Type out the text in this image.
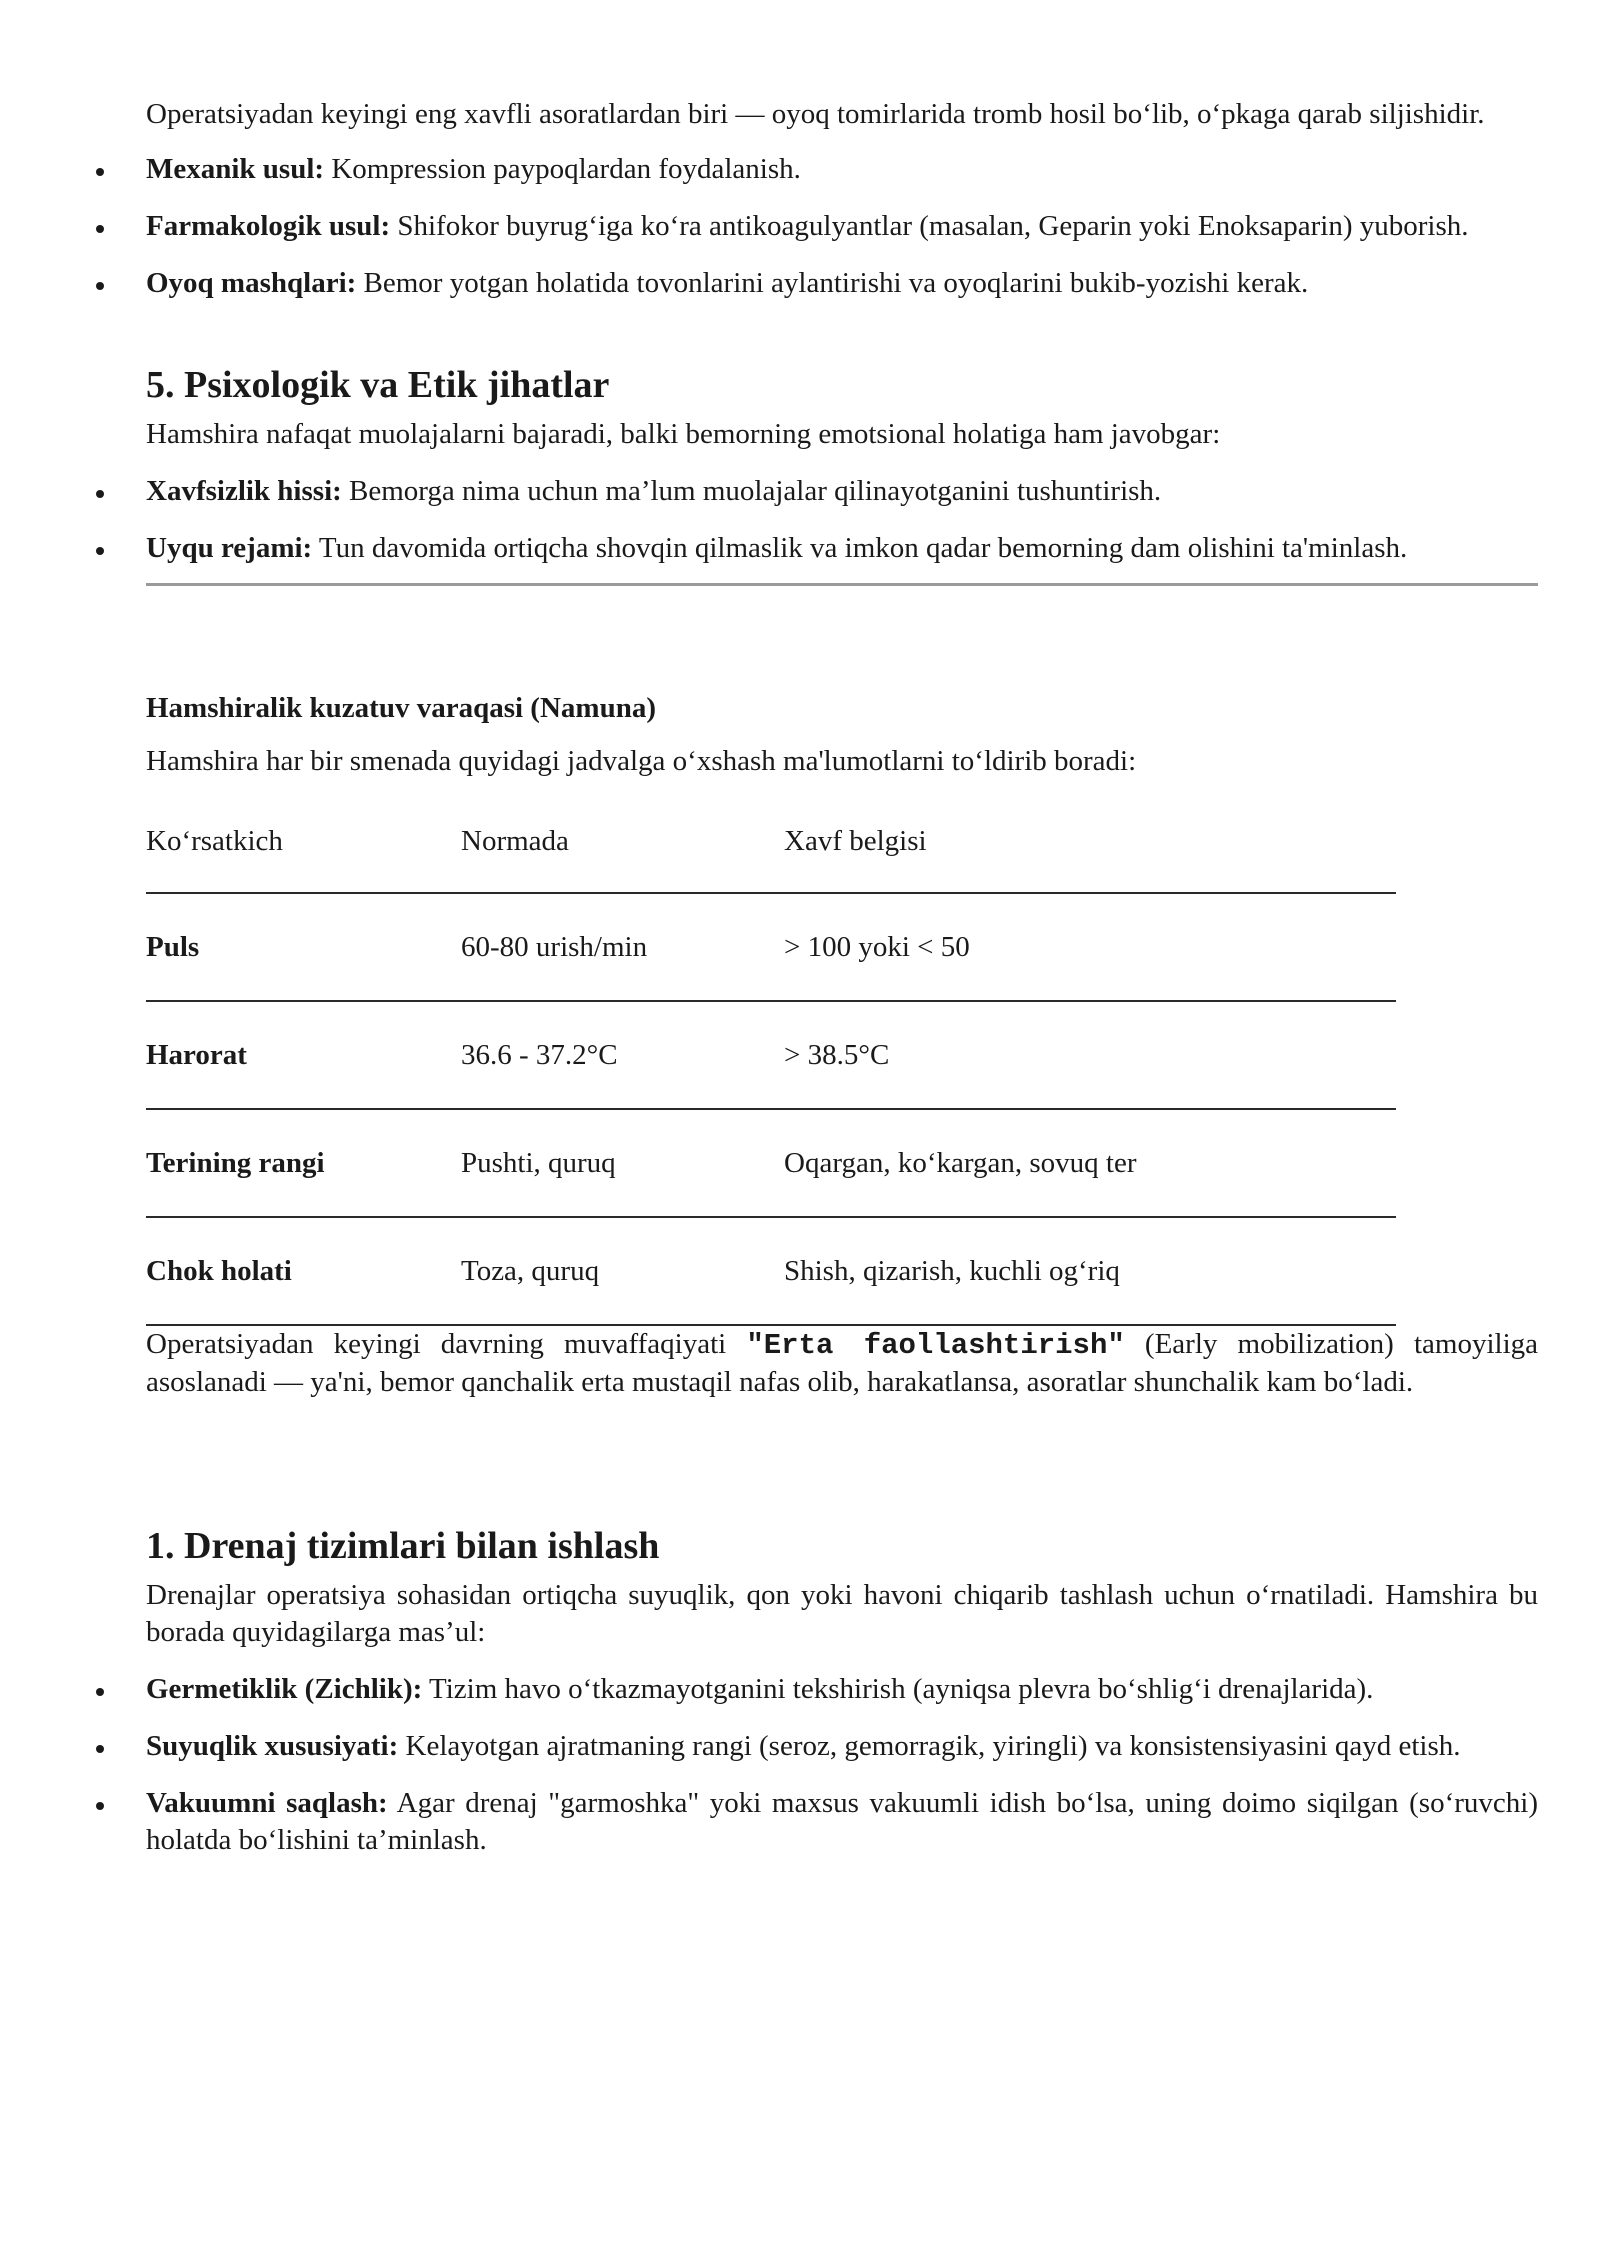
Operatsiyadan keyingi eng xavfli asoratlardan biri — oyoq tomirlarida tromb hosil bo‘lib, o‘pkaga qarab siljishidir.

Mexanik usul: Kompression paypoqlardan foydalanish.
Farmakologik usul: Shifokor buyrug‘iga ko‘ra antikoagulyantlar (masalan, Geparin yoki Enoksaparin) yuborish.
Oyoq mashqlari: Bemor yotgan holatida tovonlarini aylantirishi va oyoqlarini bukib-yozishi kerak.
5. Psixologik va Etik jihatlar

Hamshira nafaqat muolajalarni bajaradi, balki bemorning emotsional holatiga ham javobgar:

Xavfsizlik hissi: Bemorga nima uchun ma’lum muolajalar qilinayotganini tushuntirish.
Uyqu rejami: Tun davomida ortiqcha shovqin qilmaslik va imkon qadar bemorning dam olishini ta'minlash.
Hamshiralik kuzatuv varaqasi (Namuna)

Hamshira har bir smenada quyidagi jadvalga o‘xshash ma'lumotlarni to‘ldirib boradi:

Ko‘rsatkich	Normada	Xavf belgisi
Puls	60-80 urish/min	> 100 yoki < 50
Harorat	36.6 - 37.2°C	> 38.5°C
Terining rangi	Pushti, quruq	Oqargan, ko‘kargan, sovuq ter
Chok holati	Toza, quruq	Shish, qizarish, kuchli og‘riq

Operatsiyadan keyingi davrning muvaffaqiyati "Erta faollashtirish" (Early mobilization) tamoyiliga asoslanadi — ya'ni, bemor qanchalik erta mustaqil nafas olib, harakatlansa, asoratlar shunchalik kam bo‘ladi.

1. Drenaj tizimlari bilan ishlash

Drenajlar operatsiya sohasidan ortiqcha suyuqlik, qon yoki havoni chiqarib tashlash uchun o‘rnatiladi. Hamshira bu borada quyidagilarga mas’ul:

Germetiklik (Zichlik): Tizim havo o‘tkazmayotganini tekshirish (ayniqsa plevra bo‘shlig‘i drenajlarida).
Suyuqlik xususiyati: Kelayotgan ajratmaning rangi (seroz, gemorragik, yiringli) va konsistensiyasini qayd etish.
Vakuumni saqlash: Agar drenaj "garmoshka" yoki maxsus vakuumli idish bo‘lsa, uning doimo siqilgan (so‘ruvchi) holatda bo‘lishini ta’minlash.
